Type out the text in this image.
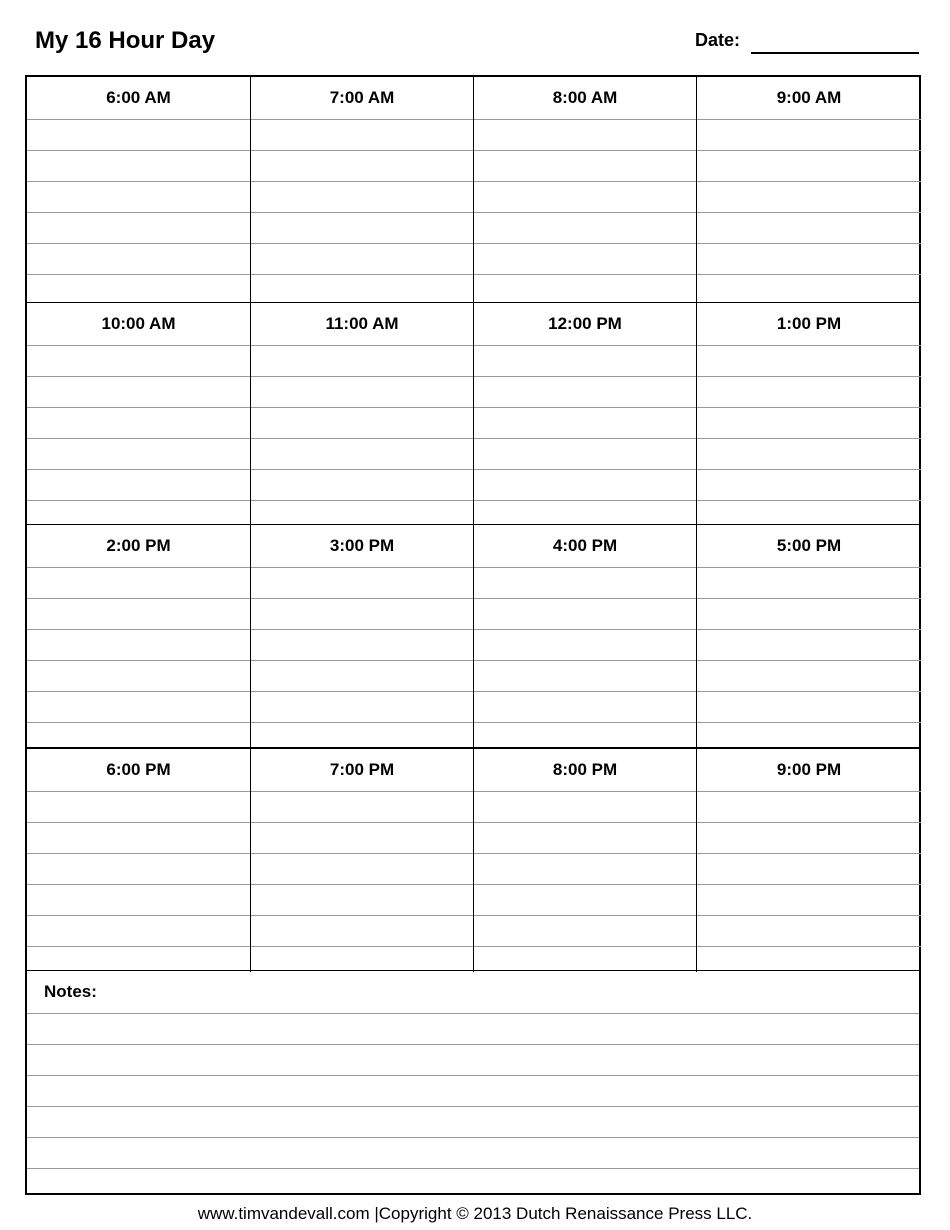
My 16 Hour Day	Date:
6:00 AM	7:00 AM	8:00 AM	9:00 AM
10:00 AM	11:00 AM	12:00 PM	1:00 PM
2:00 PM	3:00 PM	4:00 PM	5:00 PM
6:00 PM	7:00 PM	8:00 PM	9:00 PM
Notes:
www.timvandevall.com |Copyright © 2013 Dutch Renaissance Press LLC.
